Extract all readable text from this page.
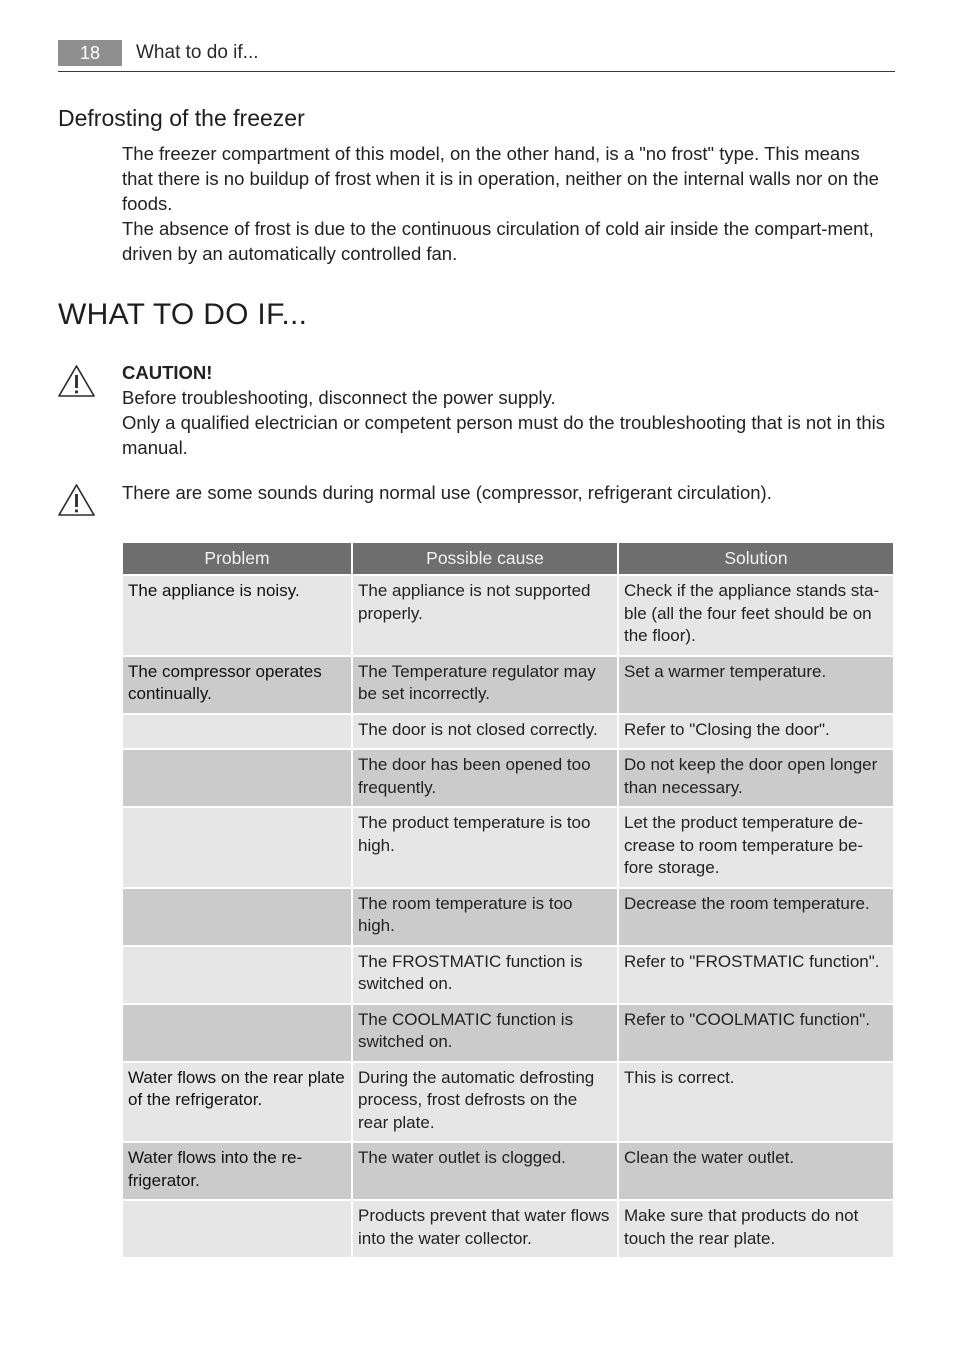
18	What to do if...
Defrosting of the freezer

The freezer compartment of this model, on the other hand, is a "no frost" type. This means that there is no buildup of frost when it is in operation, neither on the internal walls nor on the foods.

The absence of frost is due to the continuous circulation of cold air inside the compart-ment, driven by an automatically controlled fan.

WHAT TO DO IF...
CAUTION!
Before troubleshooting, disconnect the power supply.
Only a qualified electrician or competent person must do the troubleshooting that is not in this manual.

There are some sounds during normal use (compressor, refrigerant circulation).

Problem	Possible cause	Solution
The appliance is noisy.	The appliance is not supported properly.	Check if the appliance stands sta-ble (all the four feet should be on the floor).
The compressor operates continually.	The Temperature regulator may be set incorrectly.	Set a warmer temperature.
	The door is not closed correctly.	Refer to "Closing the door".
	The door has been opened too frequently.	Do not keep the door open longer than necessary.
	The product temperature is too high.	Let the product temperature de-crease to room temperature be-fore storage.
	The room temperature is too high.	Decrease the room temperature.
	The FROSTMATIC function is switched on.	Refer to "FROSTMATIC function".
	The COOLMATIC function is switched on.	Refer to "COOLMATIC function".
Water flows on the rear plate of the refrigerator.	During the automatic defrosting process, frost defrosts on the rear plate.	This is correct.
Water flows into the re-frigerator.	The water outlet is clogged.	Clean the water outlet.
	Products prevent that water flows into the water collector.	Make sure that products do not touch the rear plate.
